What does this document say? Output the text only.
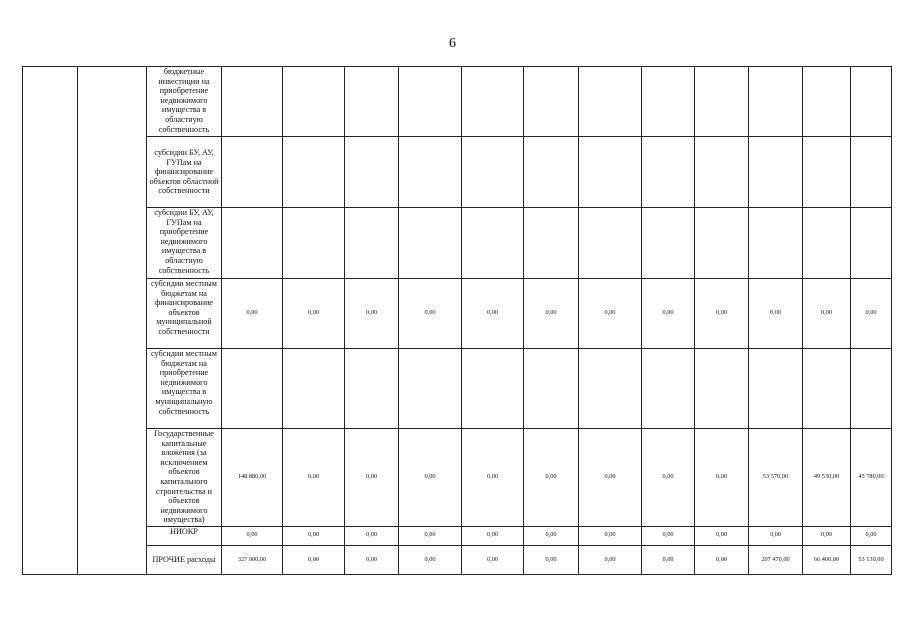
6
		бюджетные инвестиции на приобретение недвижимого имущества в областную собственность												
		субсидии БУ, АУ, ГУПам на финансирование объектов областной собственности												
		субсидии БУ, АУ, ГУПам на приобретение недвижимого имущества в областную собственность												
		субсидии местным бюджетам на финансирование объектов муниципальной собственности	0,00	0,00	0,00	0,00	0,00	0,00	0,00	0,00	0,00	0,00	0,00	0,00
		субсидии местным бюджетам на приобретение недвижимого имущества в муниципальную собственность												
		Государственные капитальные вложения (за исключением объектов капитального строительства и объектов недвижимого имущества)	148 880,00	0,00	0,00	0,00	0,00	0,00	0,00	0,00	0,00	53 570,00	49 530,00	45 780,00
		НИОКР	0,00	0,00	0,00	0,00	0,00	0,00	0,00	0,00	0,00	0,00	0,00	0,00
		ПРОЧИЕ расходы	327 000,00	0,00	0,00	0,00	0,00	0,00	0,00	0,00	0,00	207 470,00	66 400,00	53 130,00
